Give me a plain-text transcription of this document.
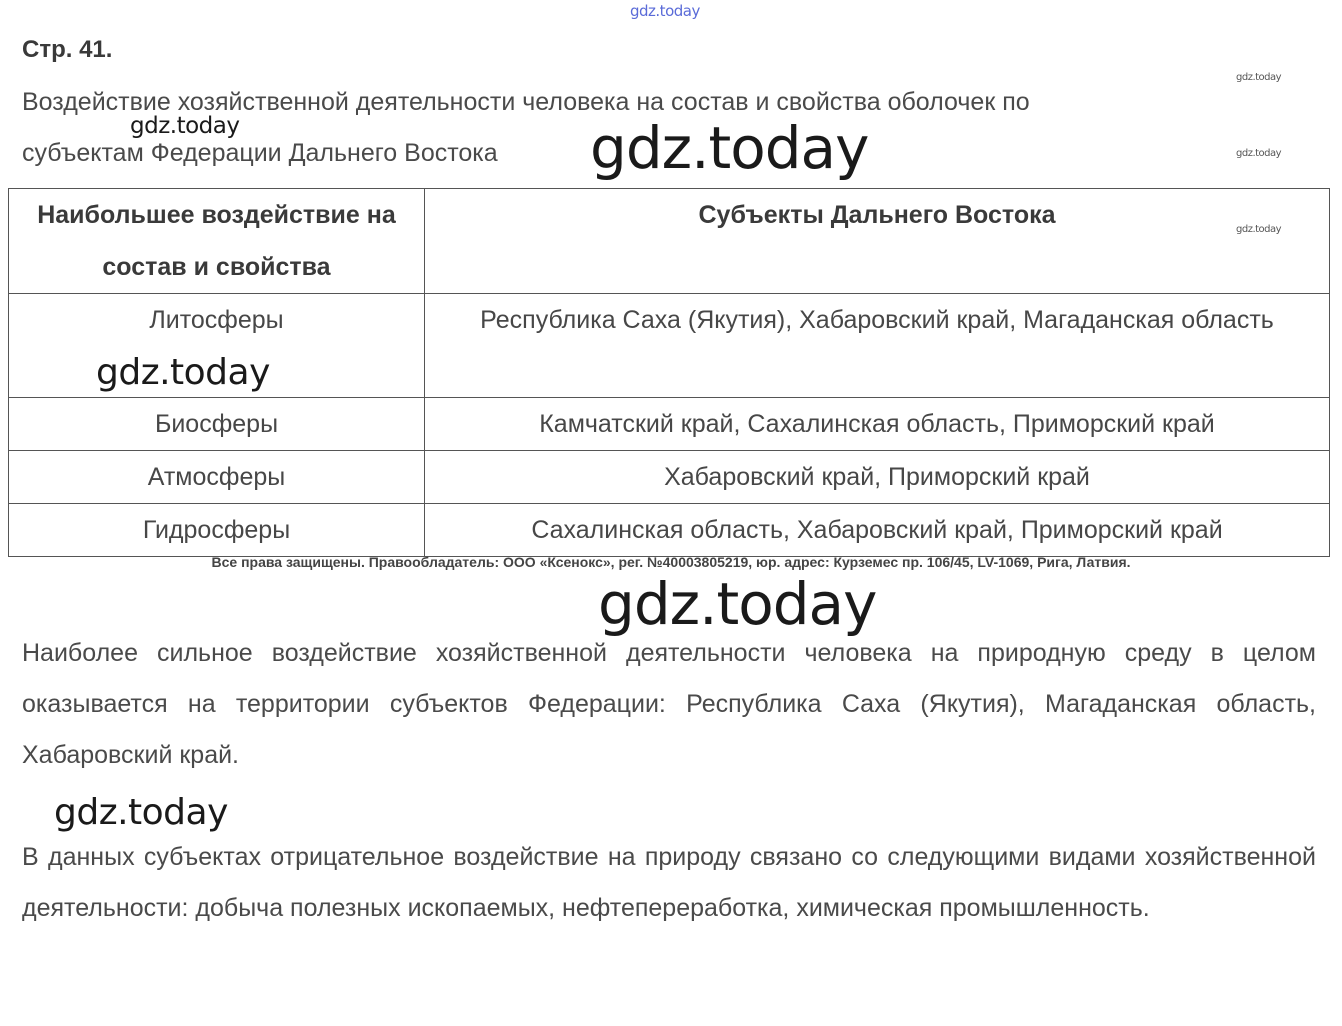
gdz.today
gdz.today
gdz.today
gdz.today
Стр. 41.
Воздействие хозяйственной деятельности человека на состав и свойства оболочек по
субъектам Федерации Дальнего Востока
gdz.today	gdz.today
Наибольшее воздействие на состав и свойства	Субъекты Дальнего Востока
Литосферы	Республика Саха (Якутия), Хабаровский край, Магаданская область
Биосферы	Камчатский край, Сахалинская область, Приморский край
Атмосферы	Хабаровский край, Приморский край
Гидросферы	Сахалинская область, Хабаровский край, Приморский край
gdz.today
Все права защищены. Правообладатель: ООО «Ксенокс», рег. №40003805219, юр. адрес: Курземес пр. 106/45, LV-1069, Рига, Латвия.
gdz.today
Наиболее сильное воздействие хозяйственной деятельности человека на природную среду в целом оказывается на территории субъектов Федерации: Республика Саха (Якутия), Магаданская область, Хабаровский край.
gdz.today
В данных субъектах отрицательное воздействие на природу связано со следующими видами хозяйственной деятельности: добыча полезных ископаемых, нефтепереработка, химическая промышленность.
